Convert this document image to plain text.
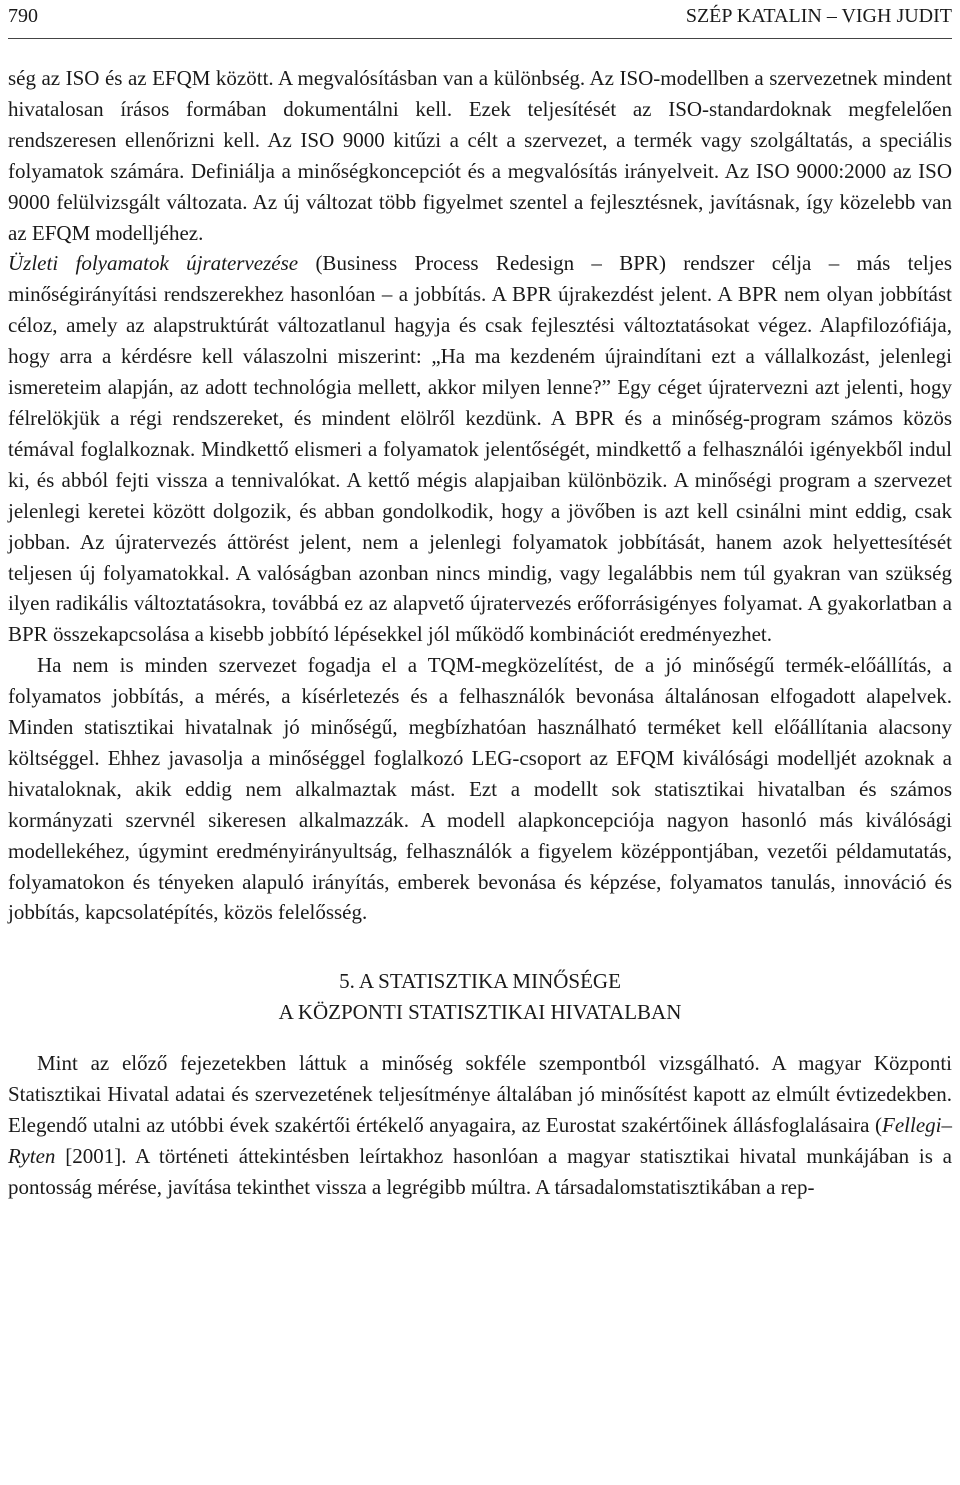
790	SZÉP KATALIN – VIGH JUDIT

ség az ISO és az EFQM között. A megvalósításban van a különbség. Az ISO-modellben a szervezetnek mindent hivatalosan írásos formában dokumentálni kell. Ezek teljesítését az ISO-standardoknak megfelelően rendszeresen ellenőrizni kell. Az ISO 9000 kitűzi a célt a szervezet, a termék vagy szolgáltatás, a speciális folyamatok számára. Definiálja a minőségkoncepciót és a megvalósítás irányelveit. Az ISO 9000:2000 az ISO 9000 felülvizsgált változata. Az új változat több figyelmet szentel a fejlesztésnek, javításnak, így közelebb van az EFQM modelljéhez.

Üzleti folyamatok újratervezése (Business Process Redesign – BPR) rendszer célja – más teljes minőségirányítási rendszerekhez hasonlóan – a jobbítás. A BPR újrakezdést jelent. A BPR nem olyan jobbítást céloz, amely az alapstruktúrát változatlanul hagyja és csak fejlesztési változtatásokat végez. Alapfilozófiája, hogy arra a kérdésre kell válaszolni miszerint: „Ha ma kezdeném újraindítani ezt a vállalkozást, jelenlegi ismereteim alapján, az adott technológia mellett, akkor milyen lenne?” Egy céget újratervezni azt jelenti, hogy félrelökjük a régi rendszereket, és mindent elölről kezdünk. A BPR és a minőség-program számos közös témával foglalkoznak. Mindkettő elismeri a folyamatok jelentőségét, mindkettő a felhasználói igényekből indul ki, és abból fejti vissza a tennivalókat. A kettő mégis alapjaiban különbözik. A minőségi program a szervezet jelenlegi keretei között dolgozik, és abban gondolkodik, hogy a jövőben is azt kell csinálni mint eddig, csak jobban. Az újratervezés áttörést jelent, nem a jelenlegi folyamatok jobbítását, hanem azok helyettesítését teljesen új folyamatokkal. A valóságban azonban nincs mindig, vagy legalábbis nem túl gyakran van szükség ilyen radikális változtatásokra, továbbá ez az alapvető újratervezés erőforrásigényes folyamat. A gyakorlatban a BPR összekapcsolása a kisebb jobbító lépésekkel jól működő kombinációt eredményezhet.

Ha nem is minden szervezet fogadja el a TQM-megközelítést, de a jó minőségű termék-előállítás, a folyamatos jobbítás, a mérés, a kísérletezés és a felhasználók bevonása általánosan elfogadott alapelvek. Minden statisztikai hivatalnak jó minőségű, megbízhatóan használható terméket kell előállítania alacsony költséggel. Ehhez javasolja a minőséggel foglalkozó LEG-csoport az EFQM kiválósági modelljét azoknak a hivataloknak, akik eddig nem alkalmaztak mást. Ezt a modellt sok statisztikai hivatalban és számos kormányzati szervnél sikeresen alkalmazzák. A modell alapkoncepciója nagyon hasonló más kiválósági modellekéhez, úgymint eredményirányultság, felhasználók a figyelem középpontjában, vezetői példamutatás, folyamatokon és tényeken alapuló irányítás, emberek bevonása és képzése, folyamatos tanulás, innováció és jobbítás, kapcsolatépítés, közös felelősség.

5. A STATISZTIKA MINŐSÉGE
A KÖZPONTI STATISZTIKAI HIVATALBAN

Mint az előző fejezetekben láttuk a minőség sokféle szempontból vizsgálható. A magyar Központi Statisztikai Hivatal adatai és szervezetének teljesítménye általában jó minősítést kapott az elmúlt évtizedekben. Elegendő utalni az utóbbi évek szakértői értékelő anyagaira, az Eurostat szakértőinek állásfoglalásaira (Fellegi–Ryten [2001]. A történeti áttekintésben leírtakhoz hasonlóan a magyar statisztikai hivatal munkájában is a pontosság mérése, javítása tekinthet vissza a legrégibb múltra. A társadalomstatisztikában a rep-
